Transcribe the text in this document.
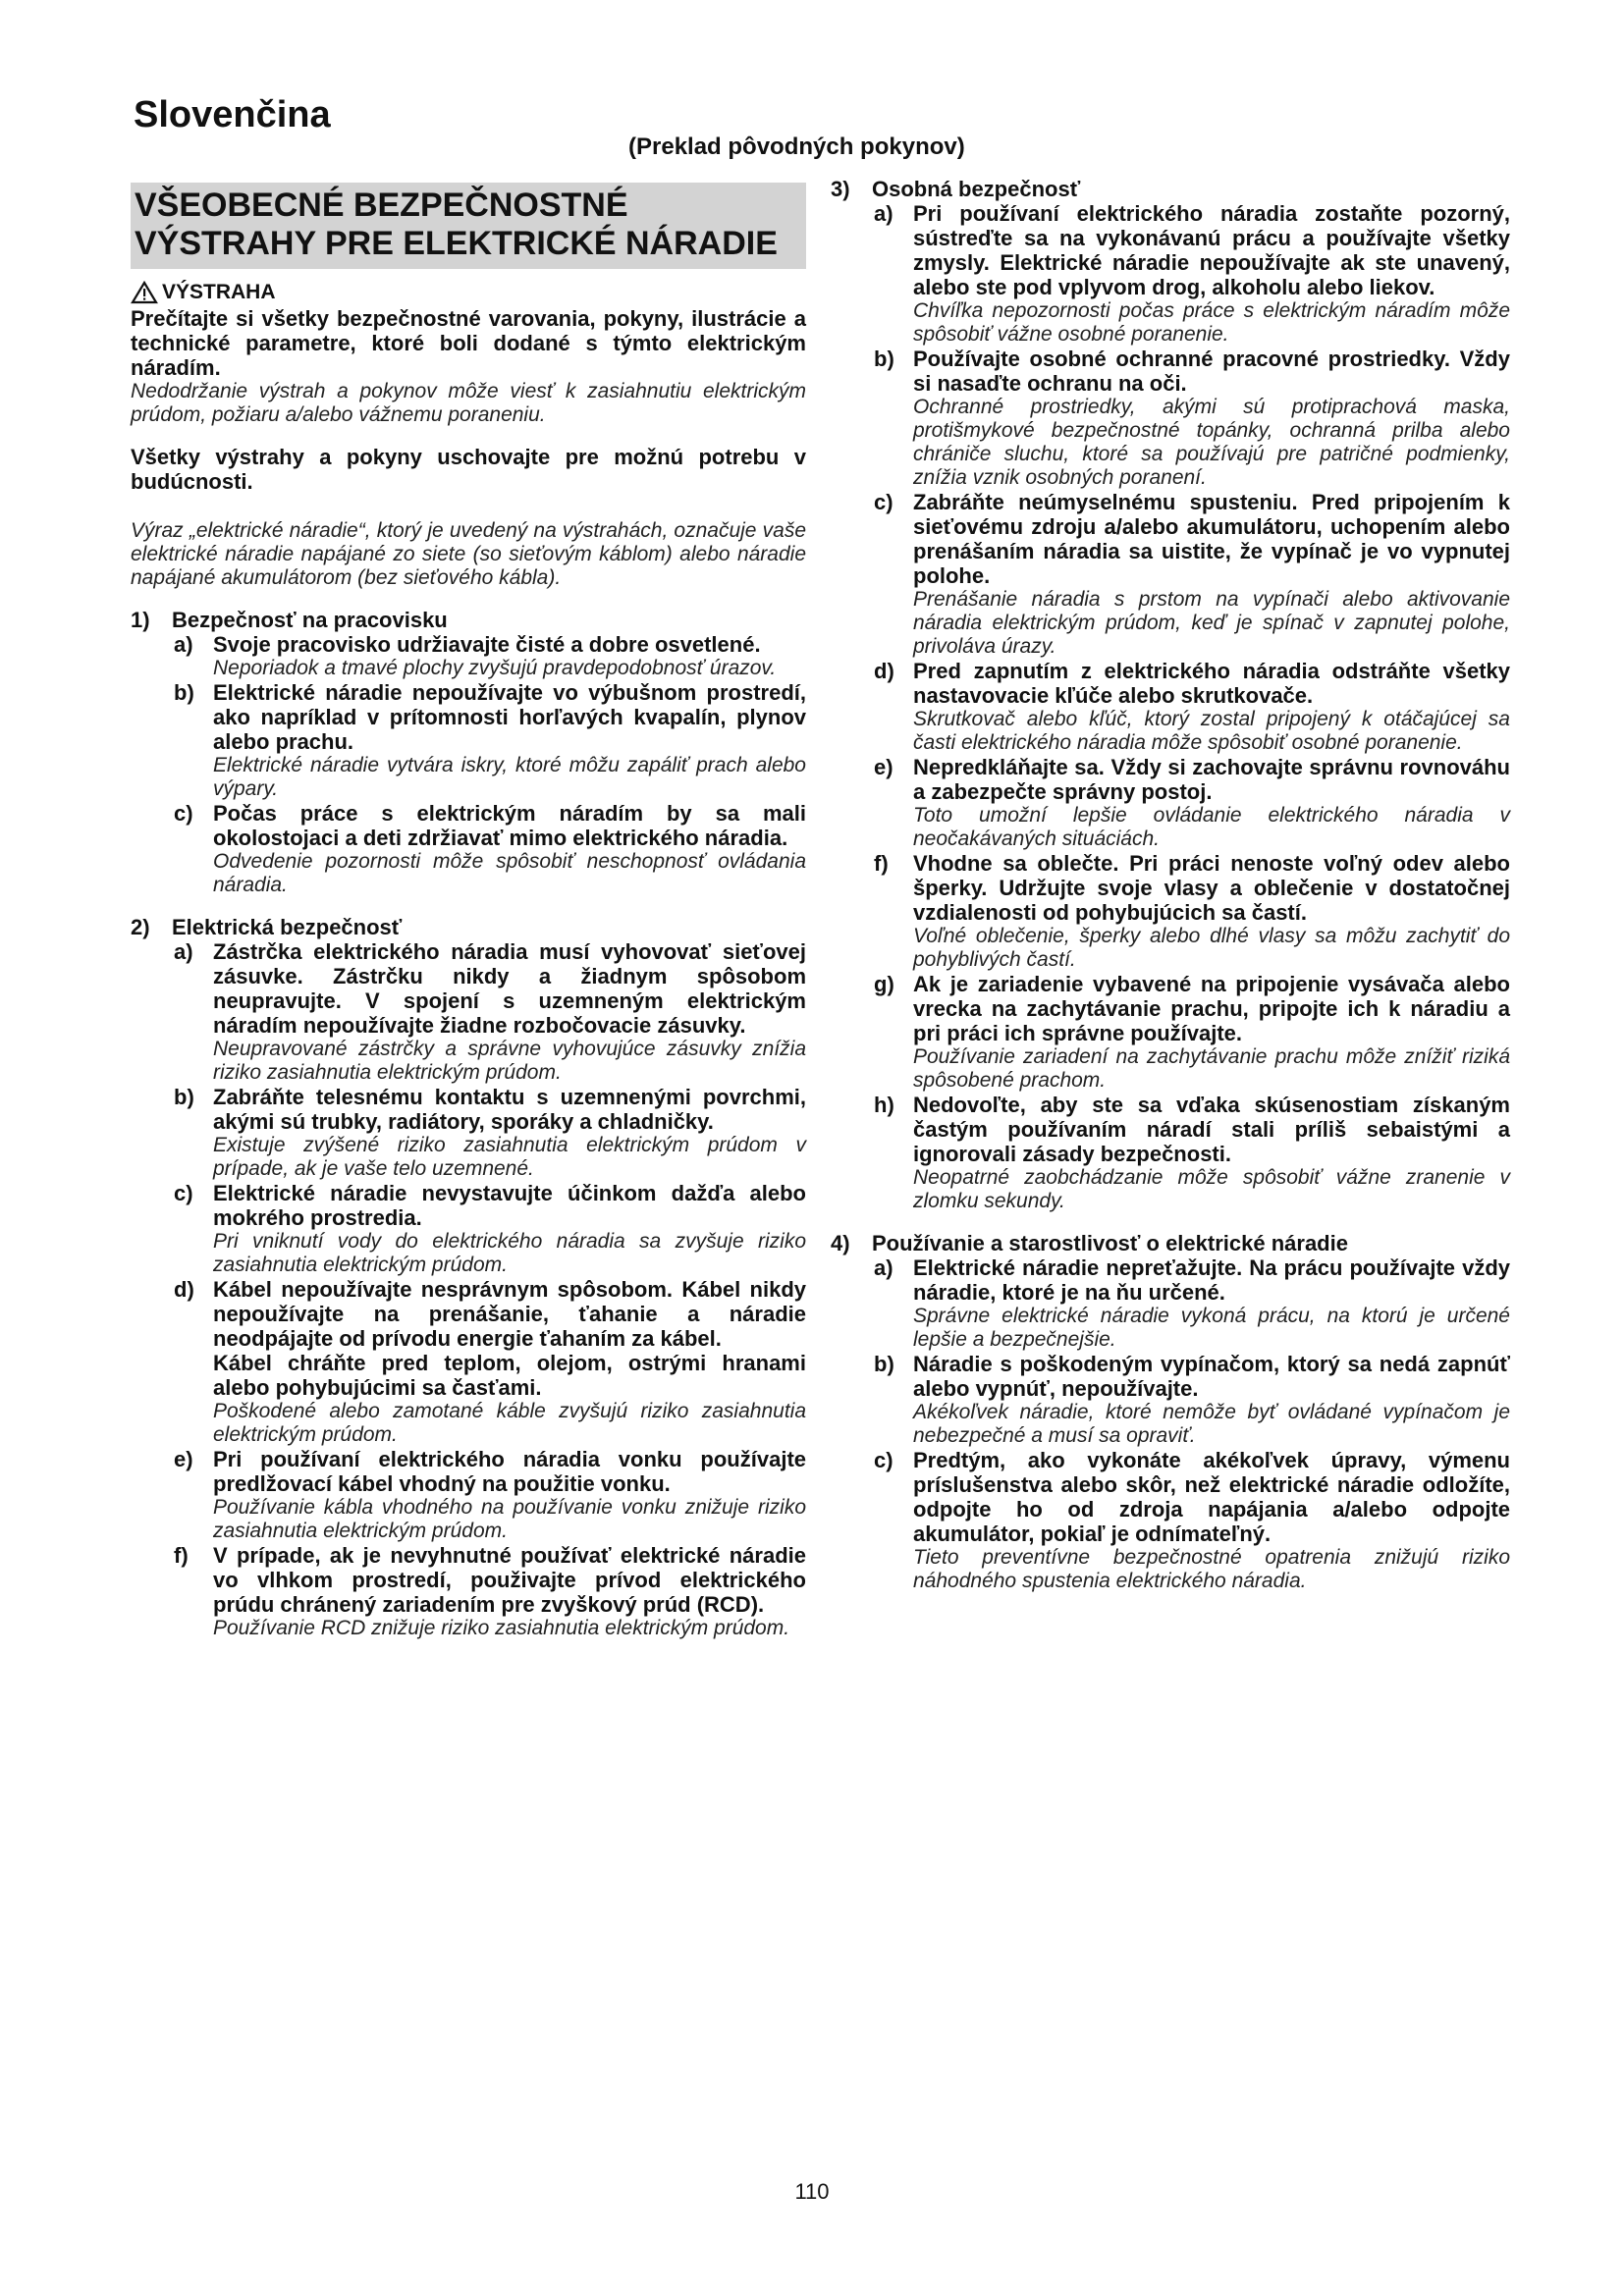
Slovenčina

(Preklad pôvodných pokynov)

VŠEOBECNÉ BEZPEČNOSTNÉ VÝSTRAHY PRE ELEKTRICKÉ NÁRADIE
VÝSTRAHA

Prečítajte si všetky bezpečnostné varovania, pokyny, ilustrácie a technické parametre, ktoré boli dodané s týmto elektrickým náradím.

Nedodržanie výstrah a pokynov môže viesť k zasiahnutiu elektrickým prúdom, požiaru a/alebo vážnemu poraneniu.

Všetky výstrahy a pokyny uschovajte pre možnú potrebu v budúcnosti.

Výraz „elektrické náradie“, ktorý je uvedený na výstrahách, označuje vaše elektrické náradie napájané zo siete (so sieťovým káblom) alebo náradie napájané akumulátorom (bez sieťového kábla).

1)	Bezpečnosť na pracovisku
a) Svoje pracovisko udržiavajte čisté a dobre osvetlené.

Neporiadok a tmavé plochy zvyšujú pravdepodobnosť úrazov.

b) Elektrické náradie nepoužívajte vo výbušnom prostredí, ako napríklad v prítomnosti horľavých kvapalín, plynov alebo prachu.

Elektrické náradie vytvára iskry, ktoré môžu zapáliť prach alebo výpary.

c) Počas práce s elektrickým náradím by sa mali okolostojaci a deti zdržiavať mimo elektrického náradia.

Odvedenie pozornosti môže spôsobiť neschopnosť ovládania náradia.

2)	Elektrická bezpečnosť
a) Zástrčka elektrického náradia musí vyhovovať sieťovej zásuvke. Zástrčku nikdy a žiadnym spôsobom neupravujte. V spojení s uzemneným elektrickým náradím nepoužívajte žiadne rozbočovacie zásuvky.

Neupravované zástrčky a správne vyhovujúce zásuvky znížia riziko zasiahnutia elektrickým prúdom.

b) Zabráňte telesnému kontaktu s uzemnenými povrchmi, akými sú trubky, radiátory, sporáky a chladničky.

Existuje zvýšené riziko zasiahnutia elektrickým prúdom v prípade, ak je vaše telo uzemnené.

c) Elektrické náradie nevystavujte účinkom dažďa alebo mokrého prostredia.

Pri vniknutí vody do elektrického náradia sa zvyšuje riziko zasiahnutia elektrickým prúdom.

d) Kábel nepoužívajte nesprávnym spôsobom. Kábel nikdy nepoužívajte na prenášanie, ťahanie a náradie neodpájajte od prívodu energie ťahaním za kábel.

Kábel chráňte pred teplom, olejom, ostrými hranami alebo pohybujúcimi sa časťami.

Poškodené alebo zamotané káble zvyšujú riziko zasiahnutia elektrickým prúdom.

e) Pri používaní elektrického náradia vonku používajte predlžovací kábel vhodný na použitie vonku.

Používanie kábla vhodného na používanie vonku znižuje riziko zasiahnutia elektrickým prúdom.

f)	V prípade, ak je nevyhnutné používať elektrické náradie vo vlhkom prostredí, použivajte prívod elektrického prúdu chránený zariadením pre zvyškový prúd (RCD).

Používanie RCD znižuje riziko zasiahnutia elektrickým prúdom.

3)	Osobná bezpečnosť
a) Pri používaní elektrického náradia zostaňte pozorný, sústreďte sa na vykonávanú prácu a používajte všetky zmysly. Elektrické náradie nepoužívajte ak ste unavený, alebo ste pod vplyvom drog, alkoholu alebo liekov.

Chvíľka nepozornosti počas práce s elektrickým náradím môže spôsobiť vážne osobné poranenie.

b) Používajte osobné ochranné pracovné prostriedky. Vždy si nasaďte ochranu na oči.

Ochranné prostriedky, akými sú protiprachová maska, protišmykové bezpečnostné topánky, ochranná prilba alebo chrániče sluchu, ktoré sa používajú pre patričné podmienky, znížia vznik osobných poranení.

c) Zabráňte neúmyselnému spusteniu. Pred pripojením k sieťovému zdroju a/alebo akumulátoru, uchopením alebo prenášaním náradia sa uistite, že vypínač je vo vypnutej polohe.

Prenášanie náradia s prstom na vypínači alebo aktivovanie náradia elektrickým prúdom, keď je spínač v zapnutej polohe, privoláva úrazy.

d) Pred zapnutím z elektrického náradia odstráňte všetky nastavovacie kľúče alebo skrutkovače.

Skrutkovač alebo kľúč, ktorý zostal pripojený k otáčajúcej sa časti elektrického náradia môže spôsobiť osobné poranenie.

e) Nepredkláňajte sa. Vždy si zachovajte správnu rovnováhu a zabezpečte správny postoj.

Toto umožní lepšie ovládanie elektrického náradia v neočakávaných situáciách.

f)	Vhodne sa oblečte. Pri práci nenoste voľný odev alebo šperky. Udržujte svoje vlasy a oblečenie v dostatočnej vzdialenosti od pohybujúcich sa častí.

Voľné oblečenie, šperky alebo dlhé vlasy sa môžu zachytiť do pohyblivých častí.

g) Ak je zariadenie vybavené na pripojenie vysávača alebo vrecka na zachytávanie prachu, pripojte ich k náradiu a pri práci ich správne používajte.

Používanie zariadení na zachytávanie prachu môže znížiť riziká spôsobené prachom.

h) Nedovoľte, aby ste sa vďaka skúsenostiam získaným častým používaním náradí stali príliš sebaistými a ignorovali zásady bezpečnosti.

Neopatrné zaobchádzanie môže spôsobiť vážne zranenie v zlomku sekundy.

4)	Používanie a starostlivosť o elektrické náradie
a) Elektrické náradie nepreťažujte. Na prácu používajte vždy náradie, ktoré je na ňu určené.

Správne elektrické náradie vykoná prácu, na ktorú je určené lepšie a bezpečnejšie.

b) Náradie s poškodeným vypínačom, ktorý sa nedá zapnúť alebo vypnúť, nepoužívajte.

Akékoľvek náradie, ktoré nemôže byť ovládané vypínačom je nebezpečné a musí sa opraviť.

c) Predtým, ako vykonáte akékoľvek úpravy, výmenu príslušenstva alebo skôr, než elektrické náradie odložíte, odpojte ho od zdroja napájania a/alebo odpojte akumulátor, pokiaľ je odnímateľný.

Tieto preventívne bezpečnostné opatrenia znižujú riziko náhodného spustenia elektrického náradia.

110
